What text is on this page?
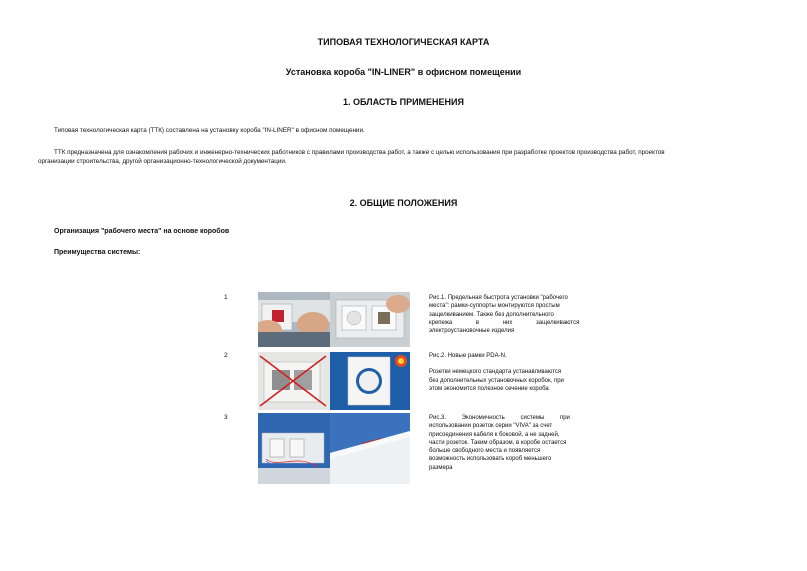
ТИПОВАЯ ТЕХНОЛОГИЧЕСКАЯ КАРТА
Установка короба "IN-LINER" в офисном помещении
1. ОБЛАСТЬ ПРИМЕНЕНИЯ
Типовая технологическая карта (ТТК) составлена на установку короба "IN-LINER" в офисном помещении.
ТТК предназначена для ознакомления рабочих и инженерно-технических работников с правилами производства работ, а также с целью использования при разработке проектов производства работ, проектов
организации строительства, другой организационно-технологической документации.
2. ОБЩИЕ ПОЛОЖЕНИЯ
Организация "рабочего места" на основе коробов
Преимущества системы:
1	Рис.1. Предельная быстрота установки "рабочего
места": рамки-суппорты монтируются простым
защелкиванием. Также без дополнительного
крепежа в них защелкиваются
электроустановочные изделия
2	Рис.2. Новые рамки PDA-N.
Розетки немецкого стандарта устанавливаются
без дополнительных установочных коробок, при
этом экономится полезное сечение короба
3	Рис.3. Экономичность системы при
использовании розеток серии "VIVA" за счет
присоединения кабеля к боковой, а не задней,
части розеток. Таким образом, в коробе остается
больше свободного места и появляется
возможность использовать короб меньшего
размера
